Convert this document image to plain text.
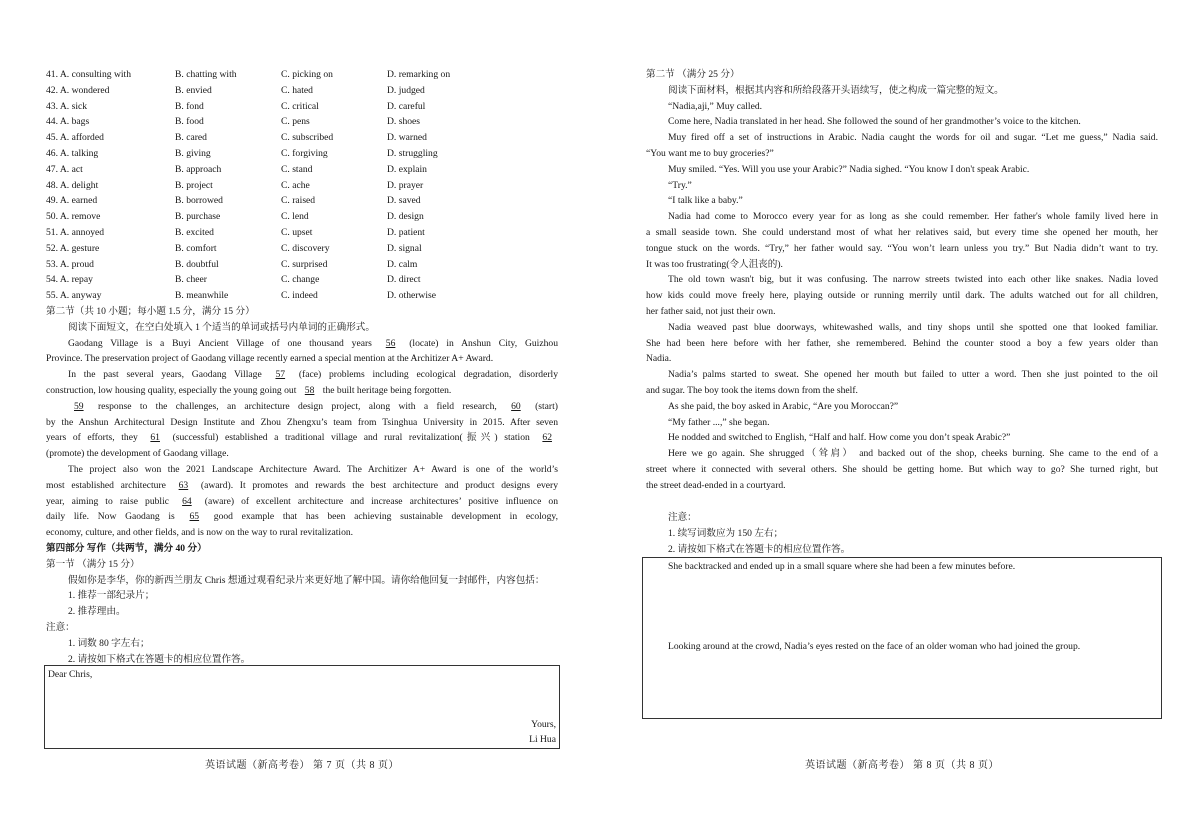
41. A. consulting with	B. chatting with	C. picking on	D. remarking on
42. A. wondered	B. envied	C. hated	D. judged
43. A. sick	B. fond	C. critical	D. careful
44. A. bags	B. food	C. pens	D. shoes
45. A. afforded	B. cared	C. subscribed	D. warned
46. A. talking	B. giving	C. forgiving	D. struggling
47. A. act	B. approach	C. stand	D. explain
48. A. delight	B. project	C. ache	D. prayer
49. A. earned	B. borrowed	C. raised	D. saved
50. A. remove	B. purchase	C. lend	D. design
51. A. annoyed	B. excited	C. upset	D. patient
52. A. gesture	B. comfort	C. discovery	D. signal
53. A. proud	B. doubtful	C. surprised	D. calm
54. A. repay	B. cheer	C. change	D. direct
55. A. anyway	B. meanwhile	C. indeed	D. otherwise
第二节（共 10 小题；每小题 1.5 分，满分 15 分）
阅读下面短文，在空白处填入 1 个适当的单词或括号内单词的正确形式。
Gaodang Village is a Buyi Ancient Village of one thousand years 56 (locate) in Anshun City, Guizhou
Province. The preservation project of Gaodang village recently earned a special mention at the Architizer A+ Award.
In the past several years, Gaodang Village 57 (face) problems including ecological degradation, disorderly
construction, low housing quality, especially the young going out 58 the built heritage being forgotten.
59 response to the challenges, an architecture design project, along with a field research, 60 (start)
by the Anshun Architectural Design Institute and Zhou Zhengxu’s team from Tsinghua University in 2015. After seven
years of efforts, they 61 (successful) established a traditional village and rural revitalization(振兴) station 62
(promote) the development of Gaodang village.
The project also won the 2021 Landscape Architecture Award. The Architizer A+ Award is one of the world’s
most established architecture 63 (award). It promotes and rewards the best architecture and product designs every
year, aiming to raise public 64 (aware) of excellent architecture and increase architectures’ positive influence on
daily life. Now Gaodang is 65 good example that has been achieving sustainable development in ecology,
economy, culture, and other fields, and is now on the way to rural revitalization.
第四部分 写作（共两节，满分 40 分）
第一节 （满分 15 分）
假如你是李华，你的新西兰朋友 Chris 想通过观看纪录片来更好地了解中国。请你给他回复一封邮件，内容包括：
1. 推荐一部纪录片；
2. 推荐理由。
注意：
1. 词数 80 字左右；
2. 请按如下格式在答题卡的相应位置作答。
Dear Chris,
Yours,
Li Hua
英语试题（新高考卷） 第 7 页（共 8 页）
第二节 （满分 25 分）
阅读下面材料，根据其内容和所给段落开头语续写，使之构成一篇完整的短文。
“Nadia,aji,” Muy called.
Come here, Nadia translated in her head. She followed the sound of her grandmother’s voice to the kitchen.
Muy fired off a set of instructions in Arabic. Nadia caught the words for oil and sugar. “Let me guess,” Nadia said.
“You want me to buy groceries?”
Muy smiled. “Yes. Will you use your Arabic?” Nadia sighed. “You know I don't speak Arabic.
“Try.”
“I talk like a baby.”
Nadia had come to Morocco every year for as long as she could remember. Her father's whole family lived here in
a small seaside town. She could understand most of what her relatives said, but every time she opened her mouth, her
tongue stuck on the words. “Try,” her father would say. “You won’t learn unless you try.” But Nadia didn’t want to try.
It was too frustrating(令人沮丧的).
The old town wasn't big, but it was confusing. The narrow streets twisted into each other like snakes. Nadia loved
how kids could move freely here, playing outside or running merrily until dark. The adults watched out for all children,
her father said, not just their own.
Nadia weaved past blue doorways, whitewashed walls, and tiny shops until she spotted one that looked familiar.
She had been here before with her father, she remembered. Behind the counter stood a boy a few years older than
Nadia.
Nadia’s palms started to sweat. She opened her mouth but failed to utter a word. Then she just pointed to the oil
and sugar. The boy took the items down from the shelf.
As she paid, the boy asked in Arabic, “Are you Moroccan?”
“My father ...,” she began.
He nodded and switched to English, “Half and half. How come you don’t speak Arabic?”
Here we go again. She shrugged（耸肩） and backed out of the shop, cheeks burning. She came to the end of a
street where it connected with several others. She should be getting home. But which way to go? She turned right, but
the street dead-ended in a courtyard.
注意：
1. 续写词数应为 150 左右；
2. 请按如下格式在答题卡的相应位置作答。
She backtracked and ended up in a small square where she had been a few minutes before.
Looking around at the crowd, Nadia’s eyes rested on the face of an older woman who had joined the group.
英语试题（新高考卷） 第 8 页（共 8 页）
